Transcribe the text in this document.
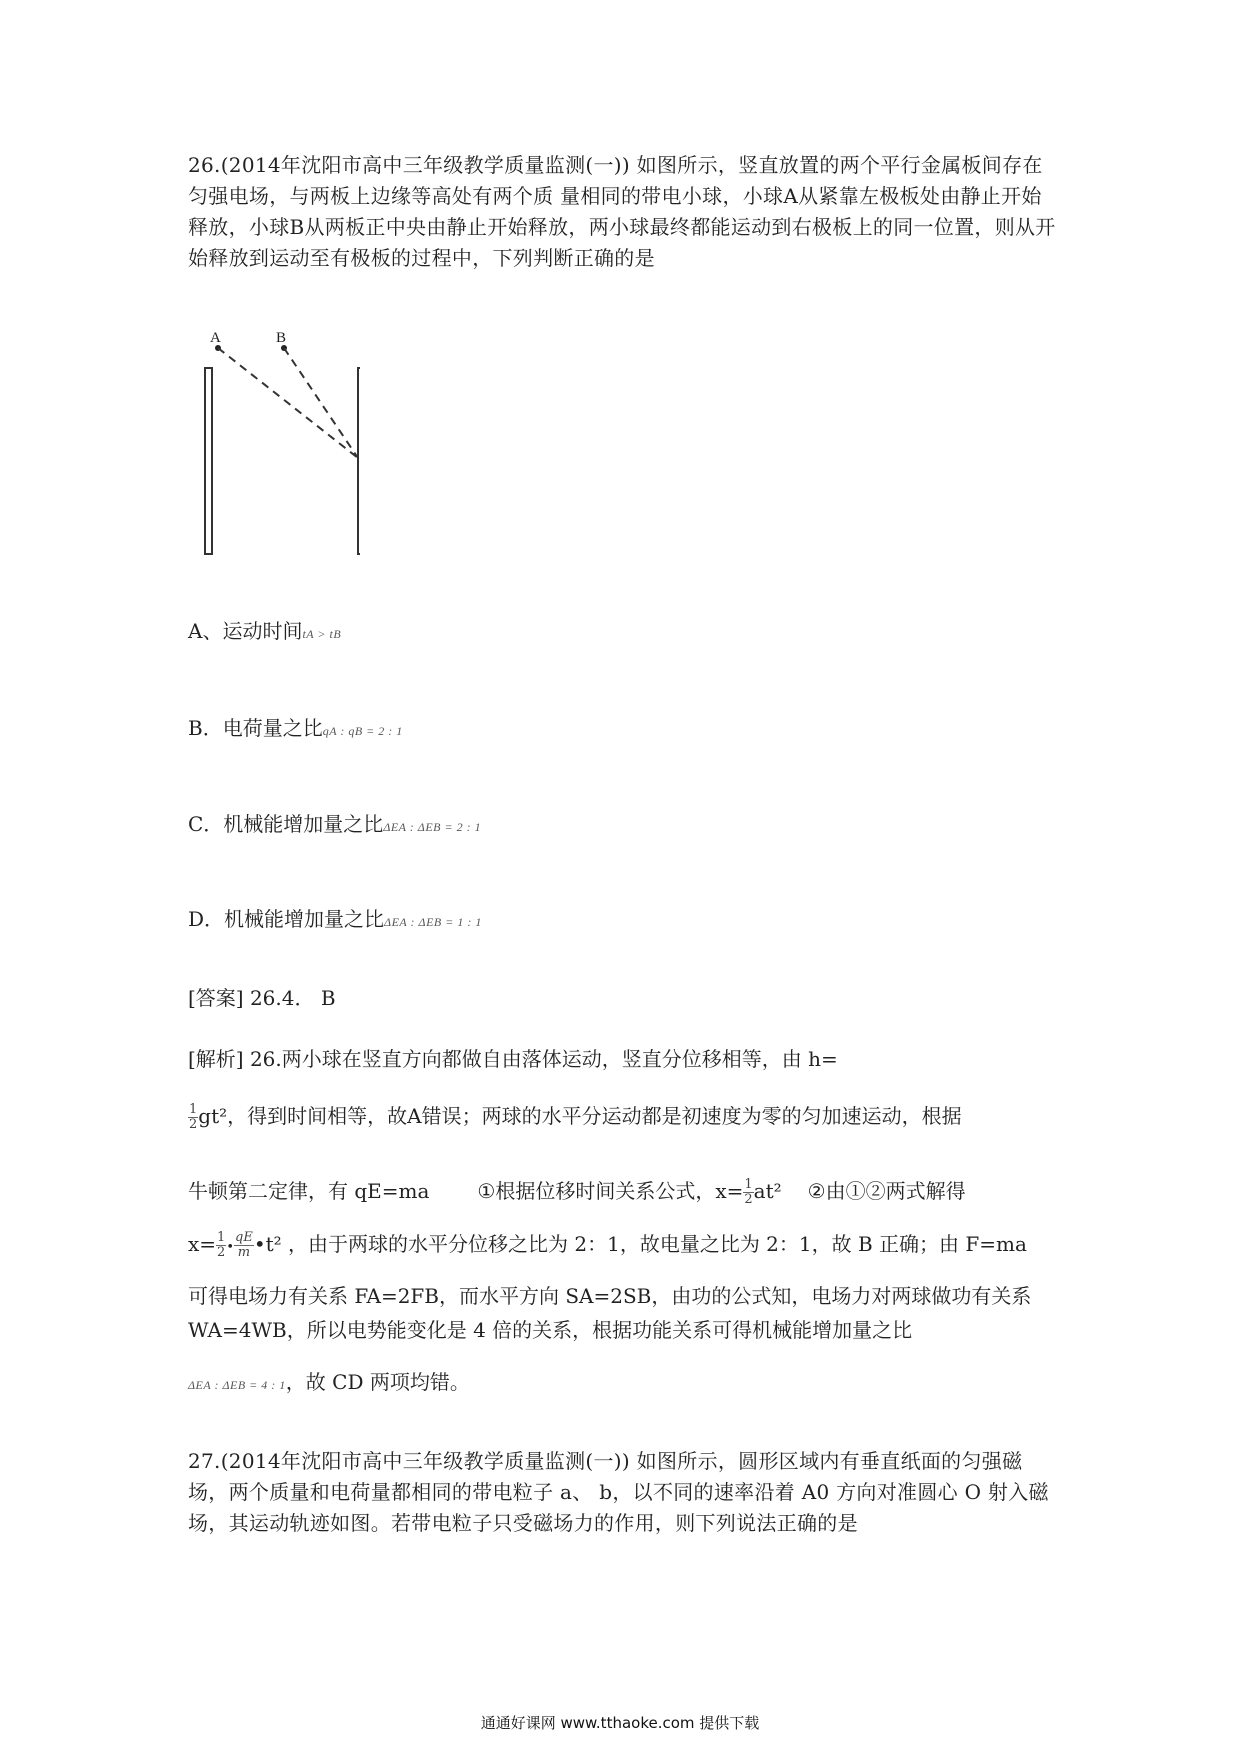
26.(2014年沈阳市高中三年级教学质量监测(一)) 如图所示，竖直放置的两个平行金属板间存在匀强电场，与两板上边缘等高处有两个质 量相同的带电小球，小球A从紧靠左极板处由静止开始释放，小球B从两板正中央由静止开始释放，两小球最终都能运动到右极板上的同一位置，则从开始释放到运动至有极板的过程中，下列判断正确的是
A	B
A、运动时间tA > tB
B．电荷量之比qA : qB = 2 : 1
C．机械能增加量之比ΔEA : ΔEB = 2 : 1
D．机械能增加量之比ΔEA : ΔEB = 1 : 1
[答案] 26.4． B
[解析] 26.两小球在竖直方向都做自由落体运动，竖直分位移相等，由 h=
$\frac{1}{2} gt^2$，得到时间相等，故A错误；两球的水平分运动都是初速度为零的匀加速运动，根据
牛顿第二定律，有 qE=ma ①根据位移时间关系公式，$x= \frac{1}{2} at^2$ ②由①②两式解得
$x= \frac{1}{2}$ • $\frac{qE}{m}$ •t² ，由于两球的水平分位移之比为 2：1，故电量之比为 2：1，故 B 正确；由 F=ma
可得电场力有关系 FA=2FB，而水平方向 SA=2SB，由功的公式知，电场力对两球做功有关系
WA=4WB，所以电势能变化是 4 倍的关系，根据功能关系可得机械能增加量之比
ΔEA : ΔEB = 4 : 1，故 CD 两项均错。
27.(2014年沈阳市高中三年级教学质量监测(一)) 如图所示，圆形区域内有垂直纸面的匀强磁场，两个质量和电荷量都相同的带电粒子 a、 b，以不同的速率沿着 A0 方向对准圆心 O 射入磁场，其运动轨迹如图。若带电粒子只受磁场力的作用，则下列说法正确的是
通通好课网 www.tthaoke.com 提供下载
